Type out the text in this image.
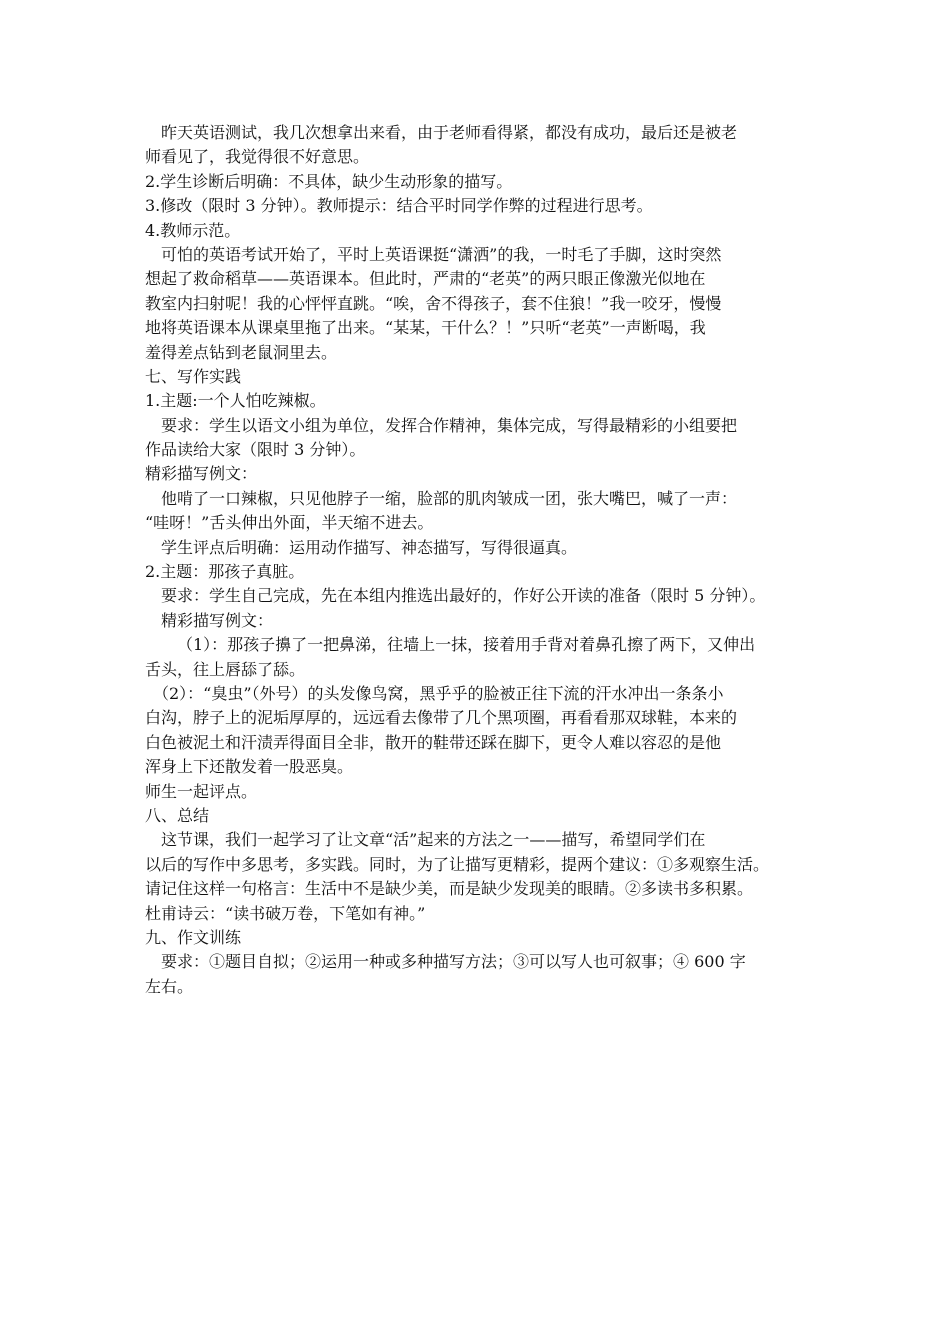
昨天英语测试，我几次想拿出来看，由于老师看得紧，都没有成功，最后还是被老
师看见了，我觉得很不好意思。
2.学生诊断后明确：不具体，缺少生动形象的描写。
3.修改（限时 3 分钟）。教师提示：结合平时同学作弊的过程进行思考。
4.教师示范。
可怕的英语考试开始了，平时上英语课挺“潇洒”的我，一时毛了手脚，这时突然
想起了救命稻草——英语课本。但此时，严肃的“老英”的两只眼正像激光似地在
教室内扫射呢！我的心怦怦直跳。“唉，舍不得孩子，套不住狼！”我一咬牙，慢慢
地将英语课本从课桌里拖了出来。“某某，干什么？！”只听“老英”一声断喝，我
羞得差点钻到老鼠洞里去。
七、写作实践
1.主题:一个人怕吃辣椒。
要求：学生以语文小组为单位，发挥合作精神，集体完成，写得最精彩的小组要把
作品读给大家（限时 3 分钟）。
精彩描写例文：
他啃了一口辣椒，只见他脖子一缩，脸部的肌肉皱成一团，张大嘴巴，喊了一声：
“哇呀！”舌头伸出外面，半天缩不进去。
学生评点后明确：运用动作描写、神态描写，写得很逼真。
2.主题：那孩子真脏。
要求：学生自己完成，先在本组内推选出最好的，作好公开读的准备（限时 5 分钟）。
精彩描写例文：
（1）：那孩子擤了一把鼻涕，往墙上一抹，接着用手背对着鼻孔擦了两下，又伸出
舌头，往上唇舔了舔。
（2）：“臭虫”（外号）的头发像鸟窝，黑乎乎的脸被正往下流的汗水冲出一条条小
白沟，脖子上的泥垢厚厚的，远远看去像带了几个黑项圈，再看看那双球鞋，本来的
白色被泥土和汗渍弄得面目全非，散开的鞋带还踩在脚下，更令人难以容忍的是他
浑身上下还散发着一股恶臭。
师生一起评点。
八、总结
这节课，我们一起学习了让文章“活”起来的方法之一——描写，希望同学们在
以后的写作中多思考，多实践。同时，为了让描写更精彩，提两个建议：①多观察生活。
请记住这样一句格言：生活中不是缺少美，而是缺少发现美的眼睛。②多读书多积累。
杜甫诗云：“读书破万卷，下笔如有神。”
九、作文训练
要求：①题目自拟；②运用一种或多种描写方法；③可以写人也可叙事；④ 600 字
左右。
